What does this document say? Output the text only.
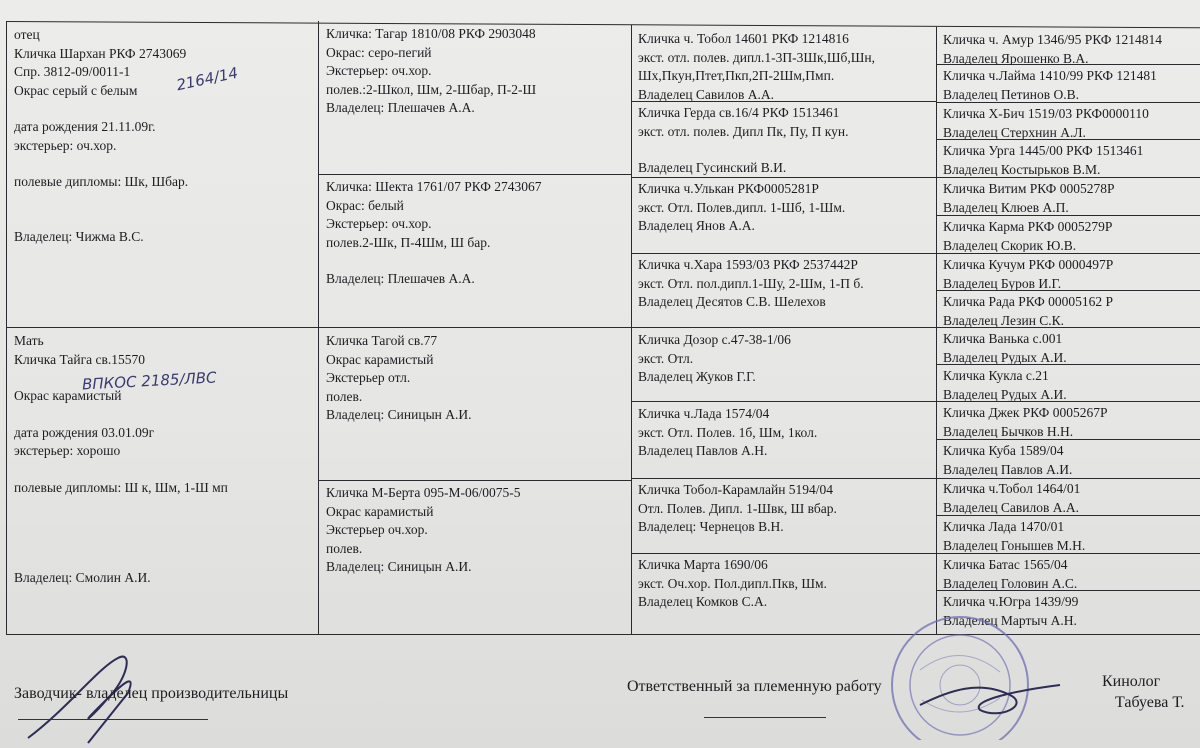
отец
Кличка Шархан РКФ 2743069
Спр. 3812-09/0011-1
Окрас серый с белым
дата рождения 21.11.09г.
экстерьер: оч.хор.
полевые дипломы: Шк, Шбар.
Владелец: Чижма В.С.
2164/14
Мать
Кличка Тайга св.15570
Окрас карамистый
дата рождения 03.01.09г
экстерьер: хорошо
полевые дипломы: Ш к, Шм, 1-Ш мп
Владелец: Смолин А.И.
ВПКОС 2185/ЛВС
Кличка: Тагар 1810/08 РКФ 2903048
Окрас: серо-пегий
Экстерьер: оч.хор.
полев.:2-Школ, Шм, 2-Шбар, П-2-Ш
Владелец: Плешачев А.А.
Кличка: Шекта 1761/07 РКФ 2743067
Окрас: белый
Экстерьер: оч.хор.
полев.2-Шк, П-4Шм, Ш бар.
Владелец: Плешачев А.А.
Кличка Тагой св.77
Окрас карамистый
Экстерьер отл.
полев.
Владелец: Синицын А.И.
Кличка М-Берта 095-М-06/0075-5
Окрас карамистый
Экстерьер оч.хор.
полев.
Владелец: Синицын А.И.
Кличка ч. Тобол 14601 РКФ 1214816
экст. отл. полев. дипл.1-3П-3Шк,Шб,Шн,
Шх,Пкун,Птет,Пкп,2П-2Шм,Пмп.
Владелец Савилов А.А.
Кличка Герда св.16/4 РКФ 1513461
экст. отл. полев. Дипл Пк, Пу, П кун.
Владелец Гусинский В.И.
Кличка ч.Улькан РКФ0005281Р
экст. Отл. Полев.дипл. 1-Шб, 1-Шм.
Владелец Янов А.А.
Кличка ч.Хара 1593/03 РКФ 2537442Р
экст. Отл. пол.дипл.1-Шу, 2-Шм, 1-П б.
Владелец Десятов С.В. Шелехов
Кличка Дозор с.47-38-1/06
экст. Отл.
Владелец Жуков Г.Г.
Кличка ч.Лада 1574/04
экст. Отл. Полев. 1б, Шм, 1кол.
Владелец Павлов А.Н.
Кличка Тобол-Карамлайн 5194/04
Отл. Полев. Дипл. 1-Швк, Ш вбар.
Владелец: Чернецов В.Н.
Кличка Марта 1690/06
экст. Оч.хор. Пол.дипл.Пкв, Шм.
Владелец Комков С.А.
Кличка ч. Амур 1346/95 РКФ 1214814
Владелец Ярошенко В.А.
Кличка ч.Лайма 1410/99 РКФ 121481
Владелец Петинов О.В.
Кличка Х-Бич 1519/03 РКФ0000110
Владелец Стерхнин А.Л.
Кличка Урга 1445/00 РКФ 1513461
Владелец Костырьков В.М.
Кличка Витим РКФ 0005278Р
Владелец Клюев А.П.
Кличка Карма РКФ 0005279Р
Владелец Скорик Ю.В.
Кличка Кучум РКФ 0000497Р
Владелец Буров И.Г.
Кличка Рада РКФ 00005162 Р
Владелец Лезин С.К.
Кличка Ванька с.001
Владелец Рудых А.И.
Кличка Кукла с.21
Владелец Рудых А.И.
Кличка Джек РКФ 0005267Р
Владелец Бычков Н.Н.
Кличка Куба 1589/04
Владелец Павлов А.И.
Кличка ч.Тобол 1464/01
Владелец Савилов А.А.
Кличка Лада 1470/01
Владелец Гонышев М.Н.
Кличка Батас 1565/04
Владелец Головин А.С.
Кличка ч.Югра 1439/99
Владелец Мартыч А.Н.
Заводчик- владелец производительницы	Ответственный за племенную работу	Кинолог
Табуева Т.
